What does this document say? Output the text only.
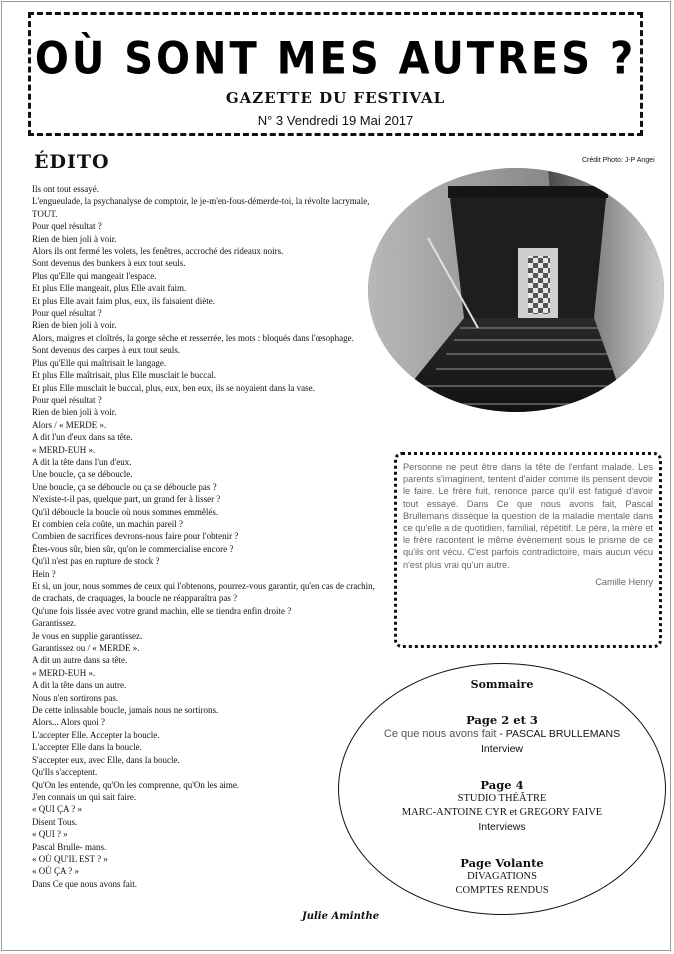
OÙ SONT MES AUTRES ?
GAZETTE DU FESTIVAL
N° 3 Vendredi 19 Mai 2017
ÉDITO	Crédit Photo: J-P Angei
Ils ont tout essayé.
L'engueulade, la psychanalyse de comptoir, le je-m'en-fous-démerde-toi, la révolte lacrymale, TOUT.
Pour quel résultat ?
Rien de bien joli à voir.
Alors ils ont fermé les volets, les fenêtres, accroché des rideaux noirs.
Sont devenus des bunkers à eux tout seuls.
Plus qu'Elle qui mangeait l'espace.
Et plus Elle mangeait, plus Elle avait faim.
Et plus Elle avait faim plus, eux, ils faisaient diète.
Pour quel résultat ?
Rien de bien joli à voir.
Alors, maigres et cloîtrés, la gorge sèche et resserrée, les mots : bloqués dans l'œsophage.
Sont devenus des carpes à eux tout seuls.
Plus qu'Elle qui maîtrisait le langage.
Et plus Elle maîtrisait, plus Elle musclait le buccal.
Et plus Elle musclait le buccal, plus, eux, ben eux, ils se noyaient dans la vase.
Pour quel résultat ?
Rien de bien joli à voir.
Alors / « MERDE ».
A dit l'un d'eux dans sa tête.
« MERD-EUH ».
A dit la tête dans l'un d'eux.
Une boucle, ça se déboucle.
Une boucle, ça se déboucle ou ça se déboucle pas ?
N'existe-t-il pas, quelque part, un grand fer à lisser ?
Qu'il déboucle la boucle où nous sommes emmêlés.
Et combien cela coûte, un machin pareil ?
Combien de sacrifices devrons-nous faire pour l'obtenir ?
Êtes-vous sûr, bien sûr, qu'on le commercialise encore ?
Qu'il n'est pas en rupture de stock ?
Hein ?
Et si, un jour, nous sommes de ceux qui l'obtenons, pourrez-vous garantir, qu'en cas de crachin, de crachats, de craquages, la boucle ne réapparaîtra pas ?
Qu'une fois lissée avec votre grand machin, elle se tiendra enfin droite ?
Garantissez.
Je vous en supplie garantissez.
Garantissez ou / « MERDE ».
A dit un autre dans sa tête.
« MERD-EUH ».
A dit la tête dans un autre.
Nous n'en sortirons pas.
De cette inlissable boucle, jamais nous ne sortirons.
Alors... Alors quoi ?
L'accepter Elle. Accepter la boucle.
L'accepter Elle dans la boucle.
S'accepter eux, avec Elle, dans la boucle.
Qu'Ils s'acceptent.
Qu'On les entende, qu'On les comprenne, qu'On les aime.
J'en connais un qui sait faire.
« QUI ÇA ? »
Disent Tous.
« QUI ? »
Pascal Brulle- mans.
« OÙ QU'IL EST ? »
« OÙ ÇA ? »
Dans Ce que nous avons fait.

Personne ne peut être dans la tête de l'enfant malade. Les parents s'imaginent, tentent d'aider comme ils pensent devoir le faire. Le frère fuit, renonce parce qu'il est fatigué d'avoir tout essayé. Dans Ce que nous avons fait, Pascal Brullemans dissèque la question de la maladie mentale dans ce qu'elle a de quotidien, familial, répétitif. Le père, la mère et le frère racontent le même évènement sous le prisme de ce qu'ils ont vécu. C'est parfois contradictoire, mais aucun vécu n'est plus vrai qu'un autre.

Camille Henry
Sommaire
Page 2 et 3
Ce que nous avons fait - PASCAL BRULLEMANS
Interview
Page 4
STUDIO THÉÂTRE
MARC-ANTOINE CYR et GREGORY FAIVE
Interviews
Page Volante
DIVAGATIONS
COMPTES RENDUS
Julie Aminthe
